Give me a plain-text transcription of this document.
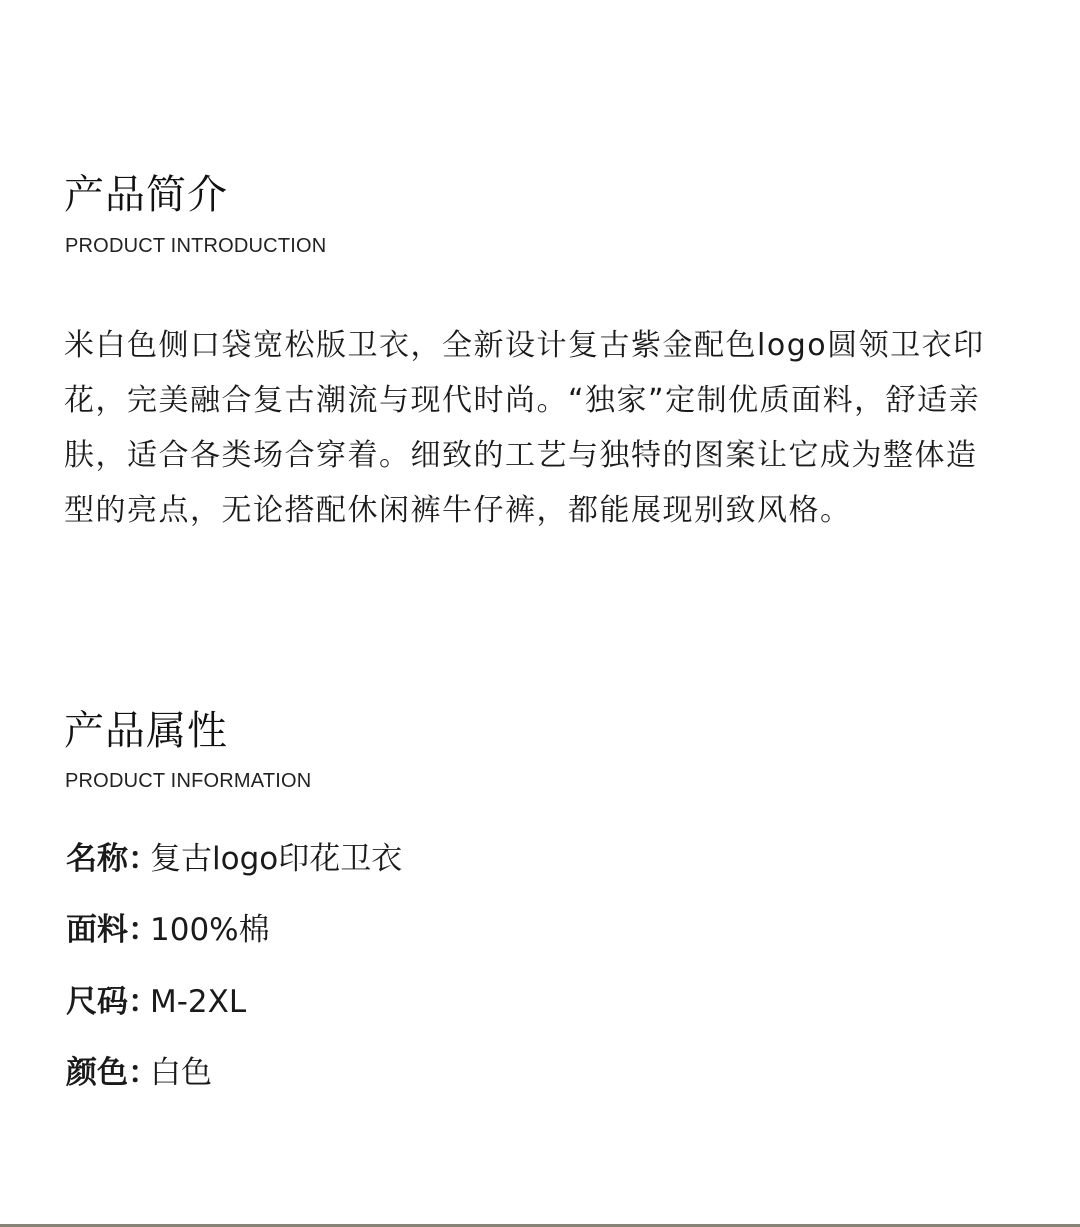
产品简介

PRODUCT INTRODUCTION

米白色侧口袋宽松版卫衣，全新设计复古紫金配色logo圆领卫衣印花，完美融合复古潮流与现代时尚。“独家”定制优质面料，舒适亲肤，适合各类场合穿着。细致的工艺与独特的图案让它成为整体造型的亮点，无论搭配休闲裤牛仔裤，都能展现别致风格。

产品属性

PRODUCT INFORMATION

名称：复古logo印花卫衣
面料：100%棉
尺码：M-2XL
颜色：白色
